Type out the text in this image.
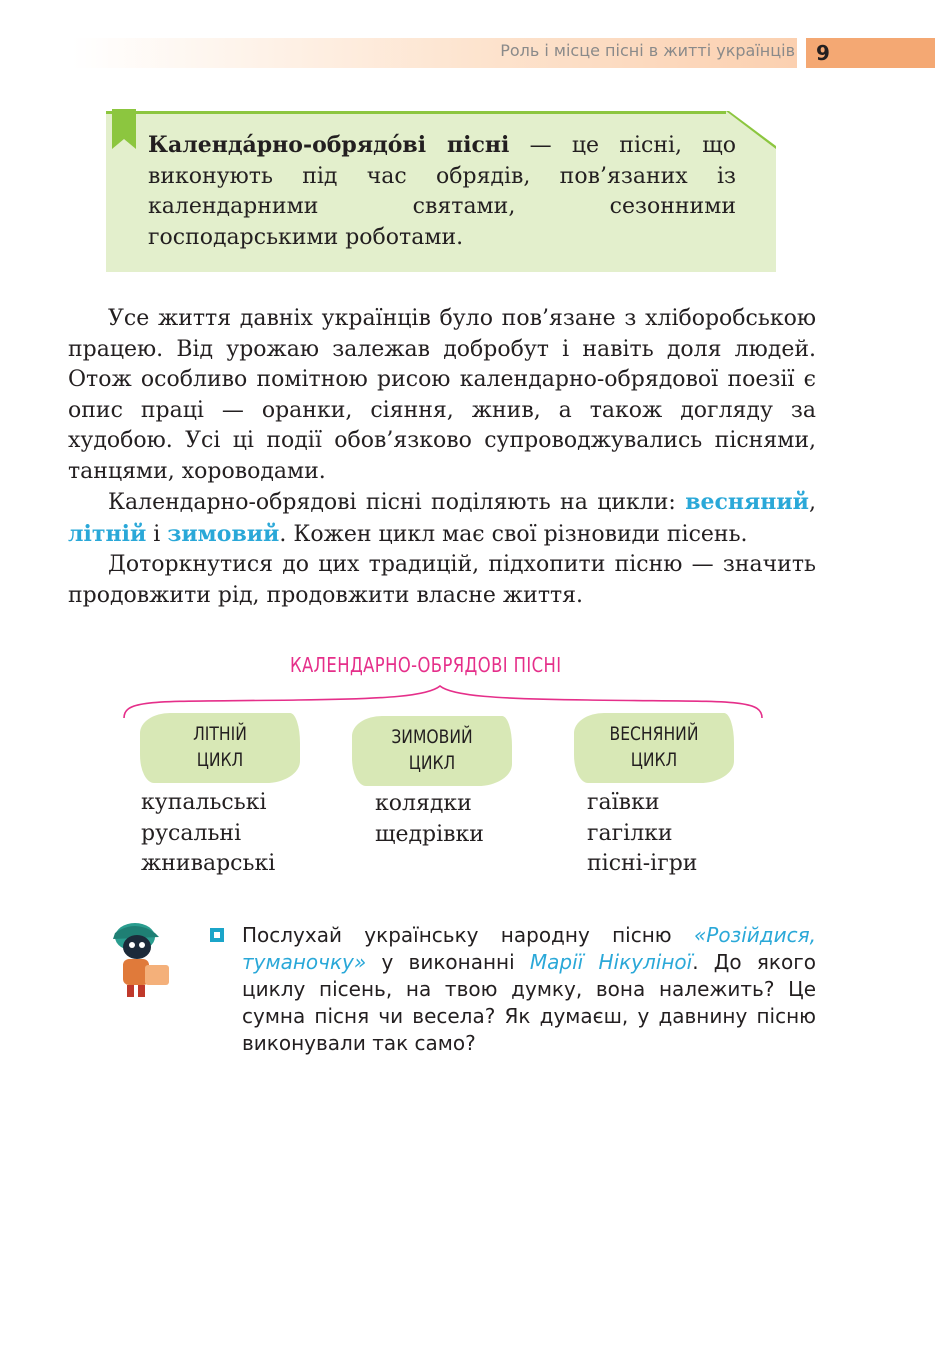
Роль і місце пісні в житті українців	9
Календа́рно-обрядо́ві пісні — це пісні, що виконують під час обрядів, пов’язаних із календарними святами, сезонними господарськими роботами.

Усе життя давніх українців було пов’язане з хліборобською працею. Від урожаю залежав добробут і навіть доля людей. Отож особливо помітною рисою календарно-обрядової поезії є опис праці — оранки, сіяння, жнив, а також догляду за худобою. Усі ці події обов’язково супроводжувались піснями, танцями, хороводами.

Календарно-обрядові пісні поділяють на цикли: весняний, літній і зимовий. Кожен цикл має свої різновиди пісень.

Доторкнутися до цих традицій, підхопити пісню — значить продовжити рід, продовжити власне життя.

КАЛЕНДАРНО-ОБРЯДОВІ ПІСНІ
ЛІТНІЙ
ЦИКЛ
ЗИМОВИЙ
ЦИКЛ
ВЕСНЯНИЙ
ЦИКЛ
купальські
русальні
жниварські
колядки
щедрівки
гаївки
гагілки
пісні-ігри
Послухай українську народну пісню «Розійдися, туманочку» у виконанні Марії Нікуліної. До якого циклу пісень, на твою думку, вона належить? Це сумна пісня чи весела? Як думаєш, у давнину пісню виконували так само?
